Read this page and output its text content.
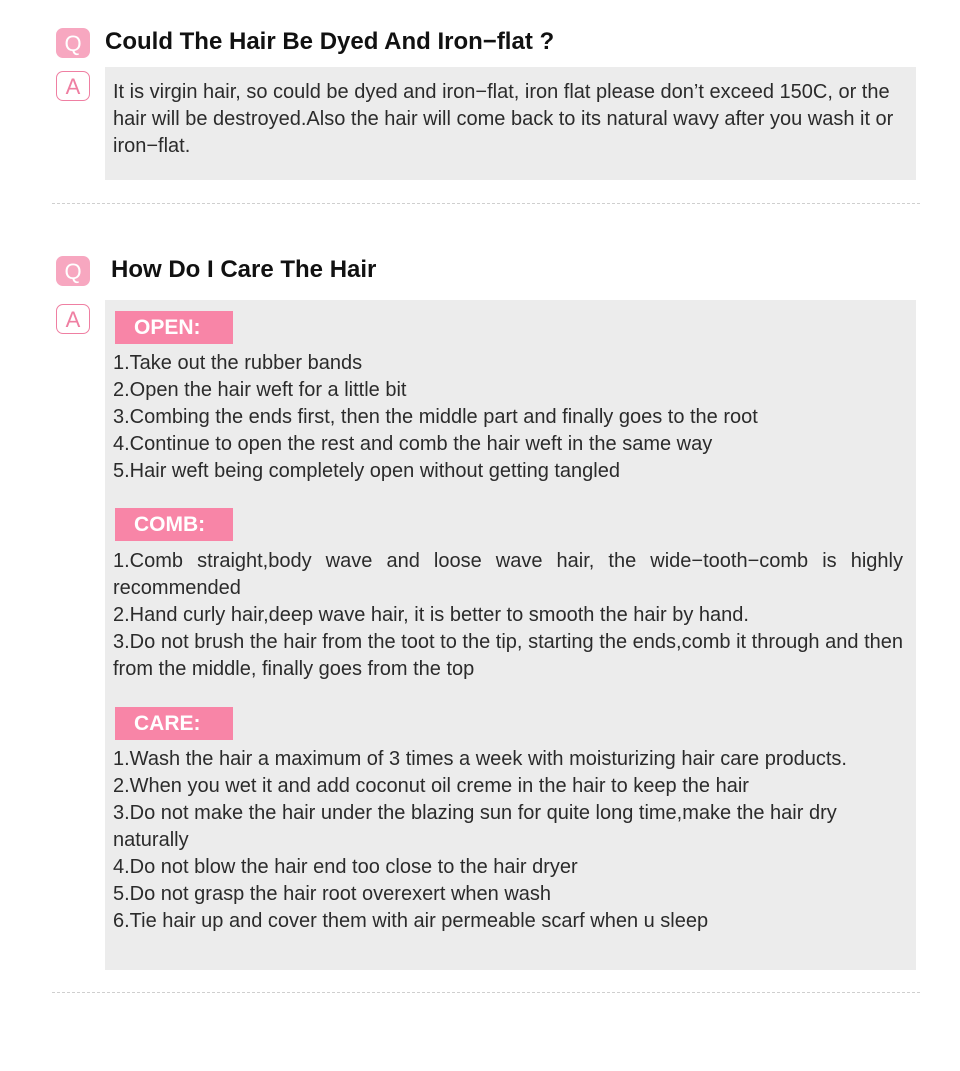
Q Could The Hair Be Dyed And Iron−flat ?
A	It is virgin hair, so could be dyed and iron−flat, iron flat please don’t exceed 150C, or the hair will be destroyed.Also the hair will come back to its natural wavy after you wash it or iron−flat.
Q	How Do I Care The Hair
A	OPEN:
1.Take out the rubber bands
2.Open the hair weft for a little bit
3.Combing the ends first, then the middle part and finally goes to the root
4.Continue to open the rest and comb the hair weft in the same way
5.Hair weft being completely open without getting tangled
COMB:
1.Comb straight,body wave and loose wave hair, the wide−tooth−comb is highly recommended
2.Hand curly hair,deep wave hair, it is better to smooth the hair by hand.
3.Do not brush the hair from the toot to the tip, starting the ends,comb it through and then from the middle, finally goes from the top
CARE:
1.Wash the hair a maximum of 3 times a week with moisturizing hair care products.
2.When you wet it and add coconut oil creme in the hair to keep the hair
3.Do not make the hair under the blazing sun for quite long time,make the hair dry naturally
4.Do not blow the hair end too close to the hair dryer
5.Do not grasp the hair root overexert when wash
6.Tie hair up and cover them with air permeable scarf when u sleep
